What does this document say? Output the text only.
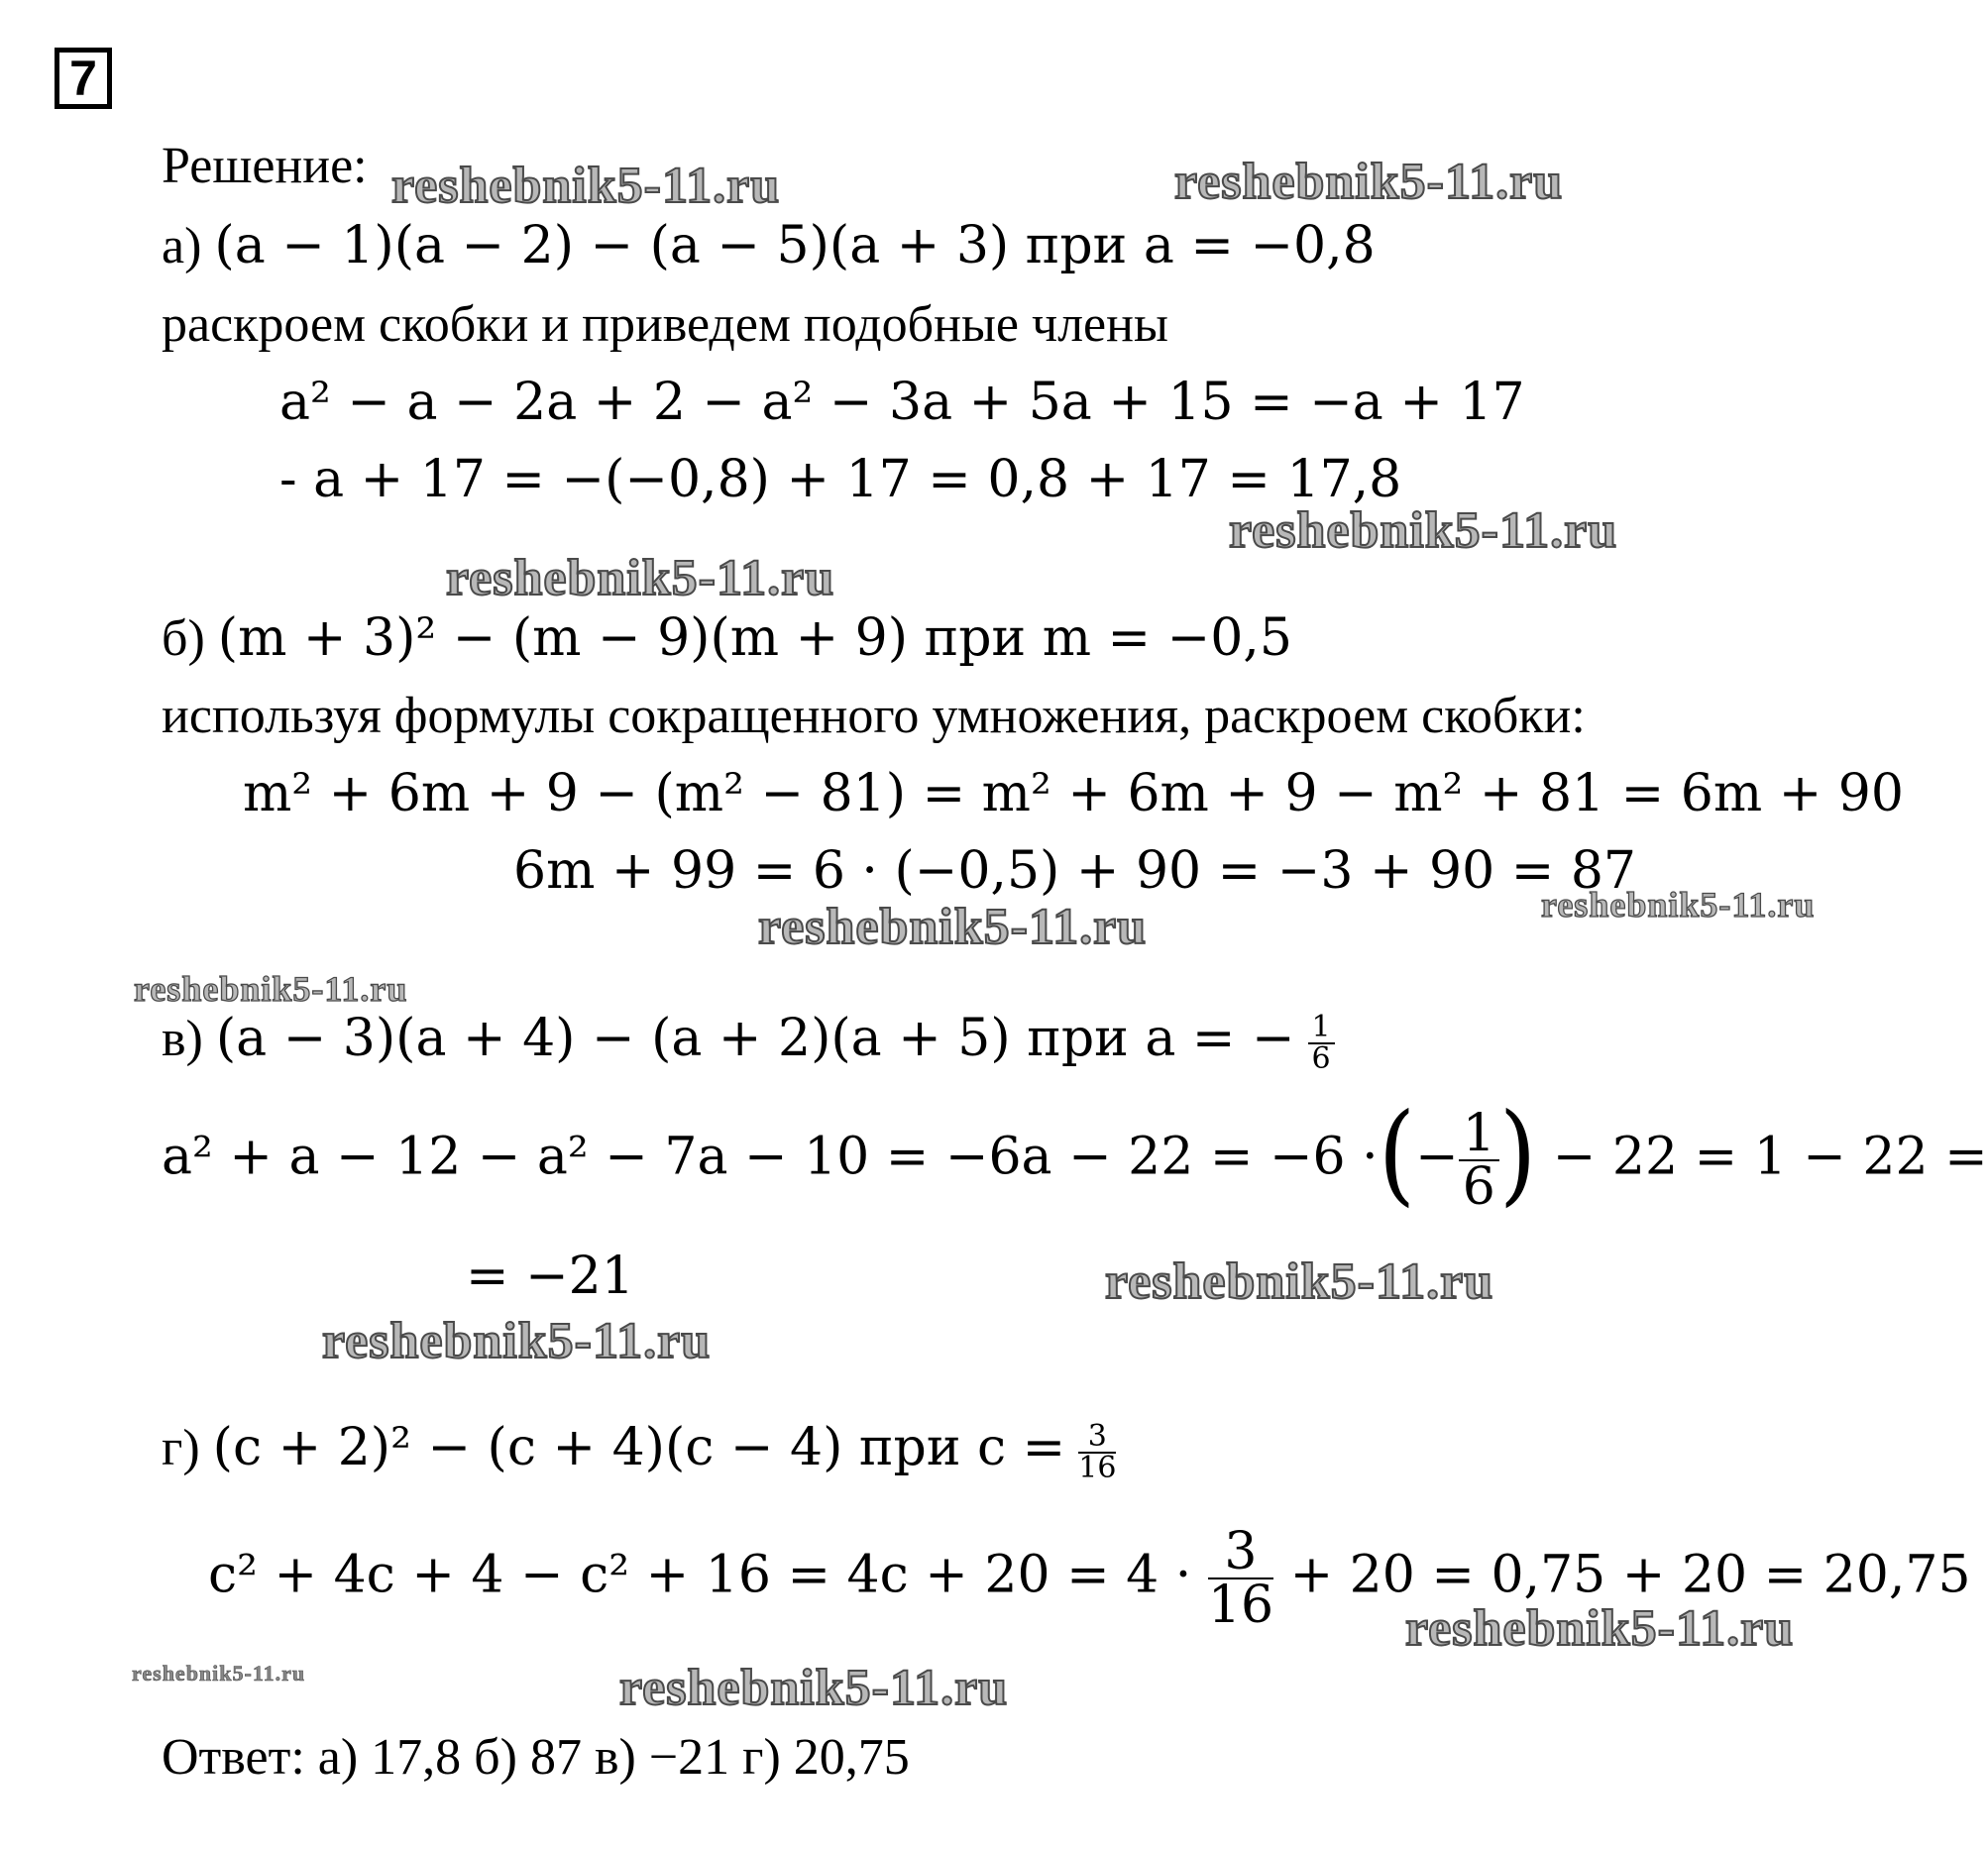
7
Решение:
а) (a − 1)(a − 2) − (a − 5)(a + 3) при a = −0,8
раскроем скобки и приведем подобные члены
a² − a − 2a + 2 − a² − 3a + 5a + 15 = −a + 17
- a + 17 = −(−0,8) + 17 = 0,8 + 17 = 17,8
б) (m + 3)² − (m − 9)(m + 9) при m = −0,5
используя формулы сокращенного умножения, раскроем скобки:
m² + 6m + 9 − (m² − 81) = m² + 6m + 9 − m² + 81 = 6m + 90
6m + 99 = 6 · (−0,5) + 90 = −3 + 90 = 87
в) (a − 3)(a + 4) − (a + 2)(a + 5) при a = − $\frac{1}{6}$
a² + a − 12 − a² − 7a − 10 = −6a − 22 = −6 ·(− $\frac{1}{6}$ ) − 22 = 1 − 22 =
= −21
г) (c + 2)² − (c + 4)(c − 4) при $c = \frac{3}{16}$
$c^2 + 4c + 4 - c^2 + 16 = 4c + 20 = 4 \cdot \frac{3}{16} + 20 = 0,75 + 20 = 20,75$
Ответ: а) 17,8 б) 87 в) −21 г) 20,75
reshebnik5-11.ru	reshebnik5-11.ru
reshebnik5-11.ru
reshebnik5-11.ru
reshebnik5-11.ru	reshebnik5-11.ru
reshebnik5-11.ru
reshebnik5-11.ru
reshebnik5-11.ru
reshebnik5-11.ru
reshebnik5-11.ru	reshebnik5-11.ru
